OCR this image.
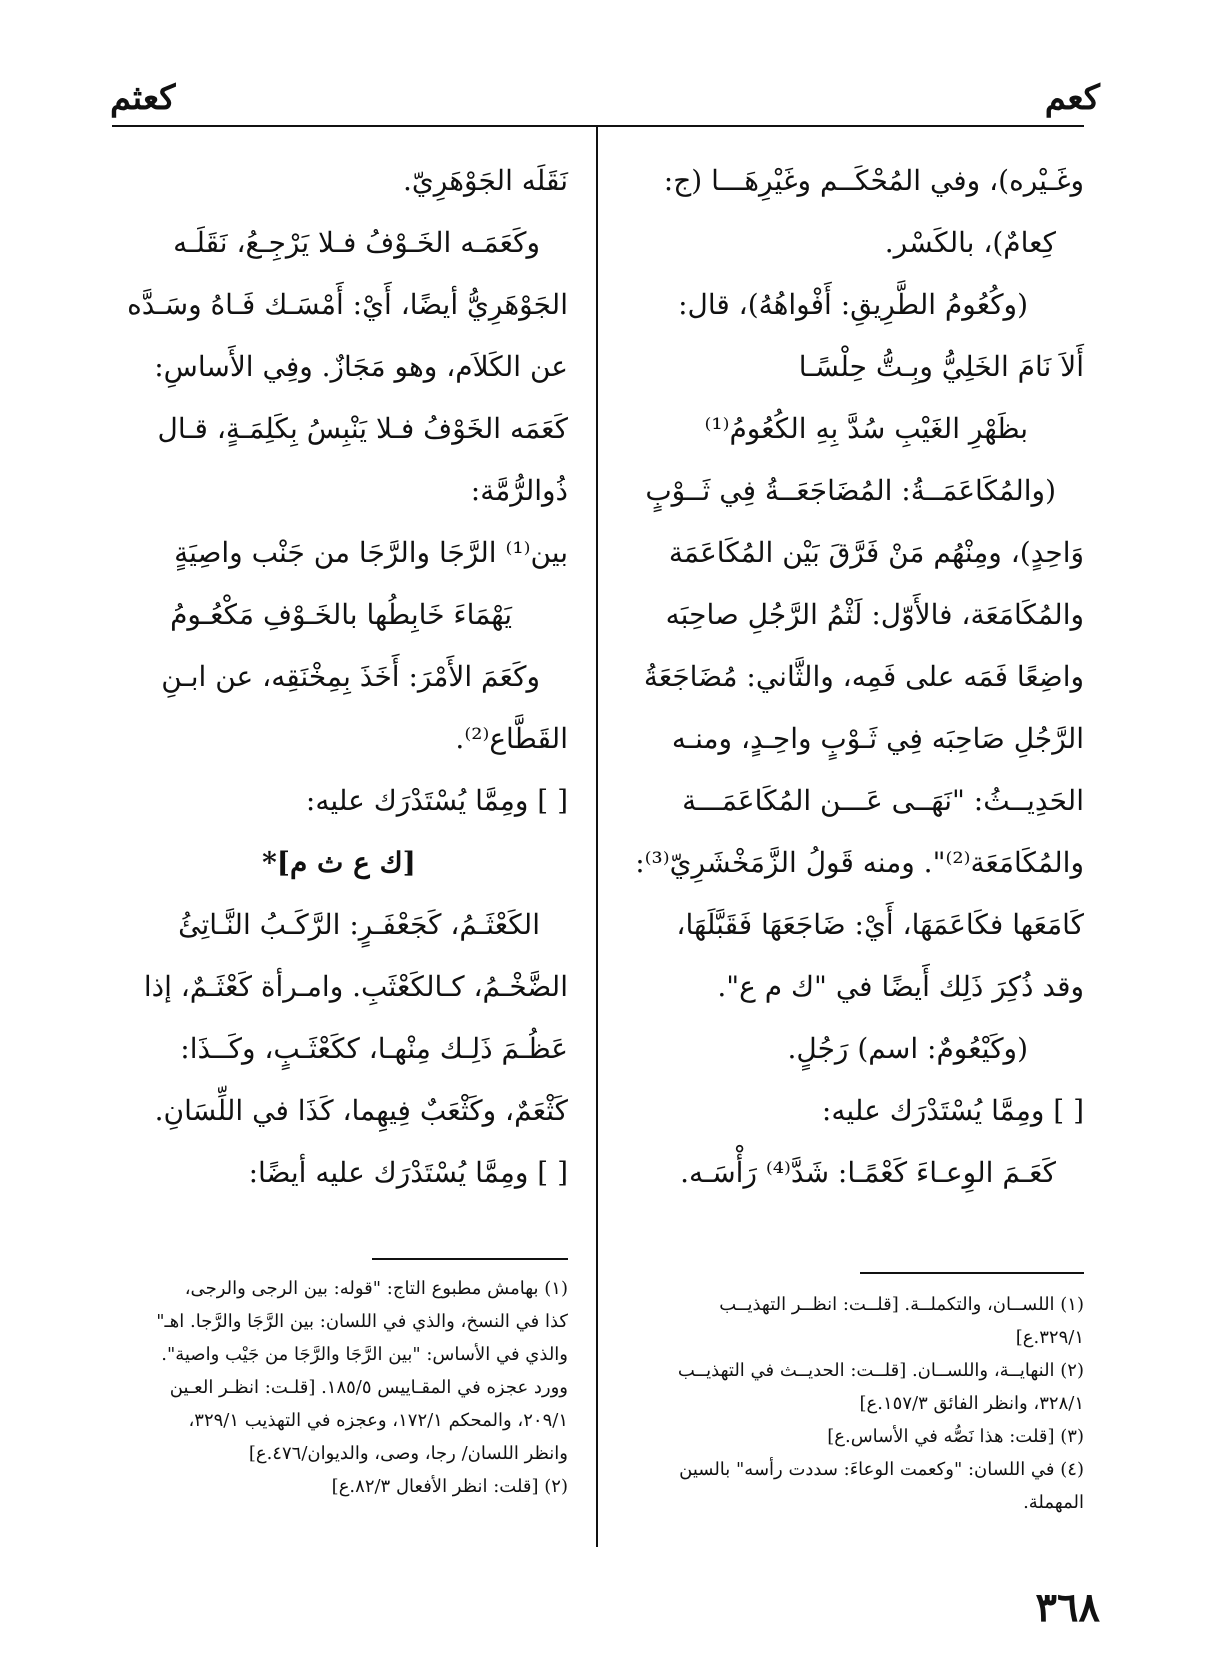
كعم
كعثم

وغَـيْره)، وفي المُحْكَــم وغَيْرِهَـــا (ج:

كِعامٌ)، بالكَسْر.

(وكُعُومُ الطَّرِيقِ: أَفْواهُهُ)، قال:

أَلاَ نَامَ الخَلِيُّ وبِـتُّ حِلْسًـا

بظَهْرِ الغَيْبِ سُدَّ بِهِ الكُعُومُ⁽¹⁾

(والمُكَاعَمَــةُ: المُضَاجَعَــةُ فِي ثَــوْبٍ

وَاحِدٍ)، ومِنْهُم مَنْ فَرَّقَ بَيْن المُكَاعَمَة

والمُكَامَعَة، فالأَوّل: لَثْمُ الرَّجُلِ صاحِبَه

واضِعًا فَمَه على فَمِه، والثَّاني: مُضَاجَعَةُ

الرَّجُلِ صَاحِبَه فِي ثَـوْبٍ واحِـدٍ، ومنـه

الحَدِيــثُ: "نَهَــى عَـــن المُكَاعَمَـــة

والمُكَامَعَة⁽²⁾". ومنه قَولُ الزَّمَخْشَرِيّ⁽³⁾:

كَامَعَها فكَاعَمَهَا، أَيْ: ضَاجَعَهَا فَقَبَّلَهَا،

وقد ذُكِرَ ذَلِك أَيضًا في "ك م ع".

(وكَيْعُومٌ: اسم) رَجُلٍ.

[ ] ومِمَّا يُسْتَدْرَك عليه:

كَعَـمَ الوِعـاءَ كَعْمًـا: شَدَّ⁽⁴⁾ رَأْسَـه.

نَقَلَه الجَوْهَرِيّ.

وكَعَمَـه الخَـوْفُ فـلا يَرْجِـعُ، نَقَلَـه

الجَوْهَرِيُّ أيضًا، أَيْ: أَمْسَـك فَـاهُ وسَـدَّه

عن الكَلاَم، وهو مَجَازٌ. وفِي الأَساسِ:

كَعَمَه الخَوْفُ فـلا يَنْبِسُ بِكَلِمَـةٍ، قـال

ذُوالرُّمَّة:

بين⁽¹⁾ الرَّجَا والرَّجَا من جَنْب واصِيَةٍ

يَهْمَاءَ خَابِطُها بالخَـوْفِ مَكْعُـومُ

وكَعَمَ الأَمْرَ: أَخَذَ بِمِخْنَقِه، عن ابـنِ

القَطَّاع⁽²⁾.

[ ] ومِمَّا يُسْتَدْرَك عليه:

[ك ع ث م]*

الكَعْثَـمُ، كَجَعْفَـرٍ: الرَّكَـبُ النَّـاتِئُ

الضَّخْـمُ، كـالكَعْثَبِ. وامـرأة كَعْثَـمٌ، إذا

عَظُـمَ ذَلِـك مِنْهـا، ككَعْثَـبٍ، وكَــذَا:

كَثْعَمٌ، وكَثْعَبٌ فِيهِما، كَذَا في اللِّسَانِ.

[ ] ومِمَّا يُسْتَدْرَك عليه أيضًا:

(١) اللســان، والتكملــة. [قلــت: انظــر التهذيــب

٣٢٩/١.ع]

(٢) النهايــة، واللســان. [قلــت: الحديــث في التهذيــب

٣٢٨/١، وانظر الفائق ١٥٧/٣.ع]

(٣) [قلت: هذا نَصُّه في الأساس.ع]

(٤) في اللسان: "وكعمت الوعاءَ: سددت رأسه" بالسين

المهملة.

(١) بهامش مطبوع التاج: "قوله: بين الرجى والرجى،

كذا في النسخ، والذي في اللسان: بين الرَّجَا والرَّجا. اهـ"

والذي في الأساس: "بين الرَّجَا والرَّجَا من جَيْب واصية".

وورد عجزه في المقـاييس ١٨٥/٥. [قلـت: انظـر العـين

٢٠٩/١، والمحكم ١٧٢/١، وعجزه في التهذيب ٣٢٩/١،

وانظر اللسان/ رجا، وصى، والديوان/٤٧٦.ع]

(٢) [قلت: انظر الأفعال ٨٢/٣.ع]

٣٦٨
